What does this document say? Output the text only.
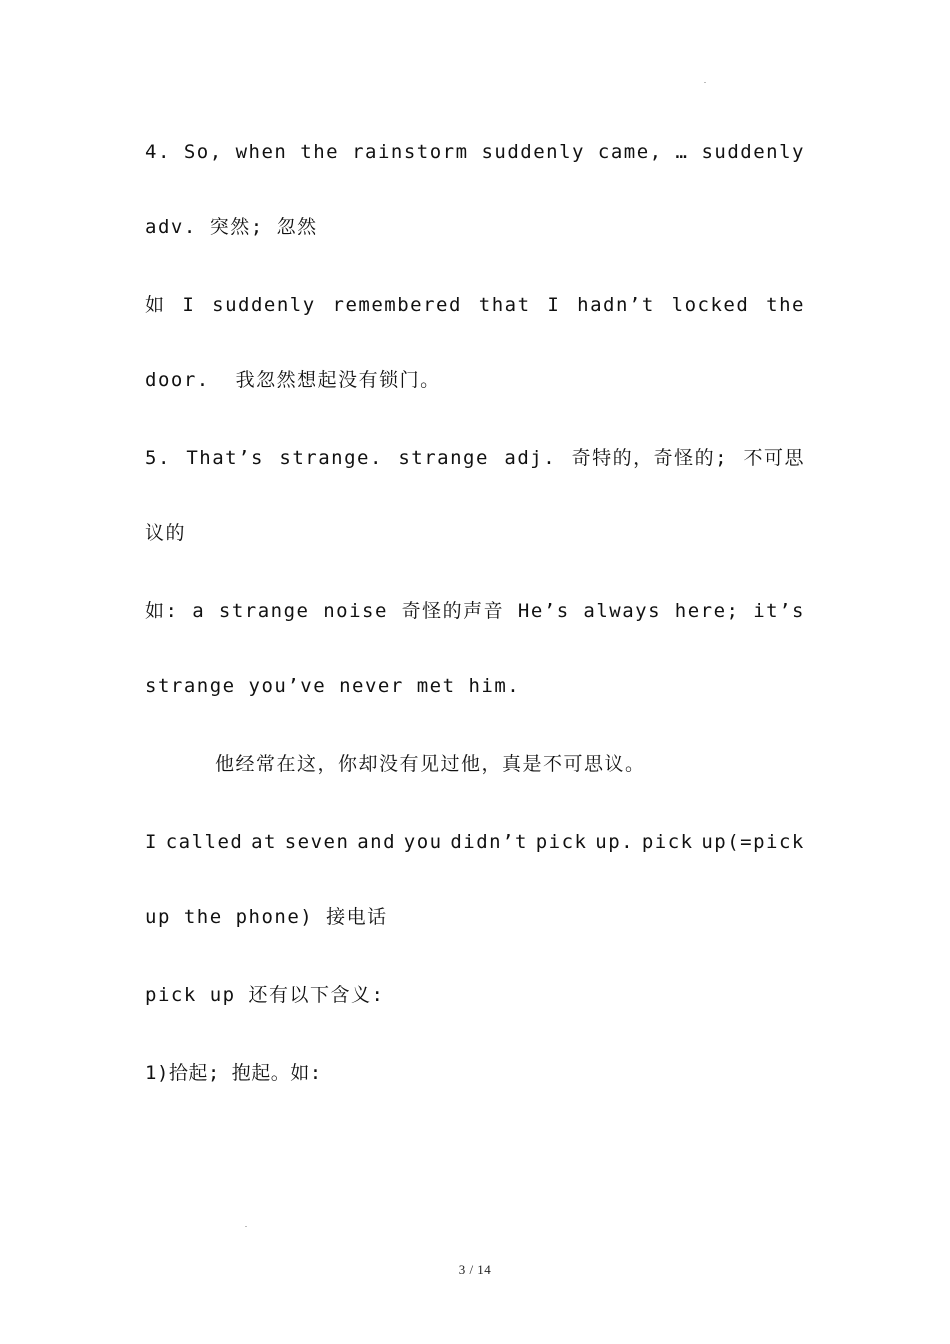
4. So, when the rainstorm suddenly came, … suddenly
adv. 突然; 忽然
如 I suddenly remembered that I hadn’t locked the
door.  我忽然想起没有锁门。
5. That’s strange. strange adj. 奇特的，奇怪的; 不可思
议的
如: a strange noise 奇怪的声音 He’s always here; it’s
strange you’ve never met him.
他经常在这，你却没有见过他，真是不可思议。
I called at seven and you didn’t pick up. pick up(=pick
up the phone) 接电话
pick up 还有以下含义:
1)拾起; 抱起。如:
3 / 14
